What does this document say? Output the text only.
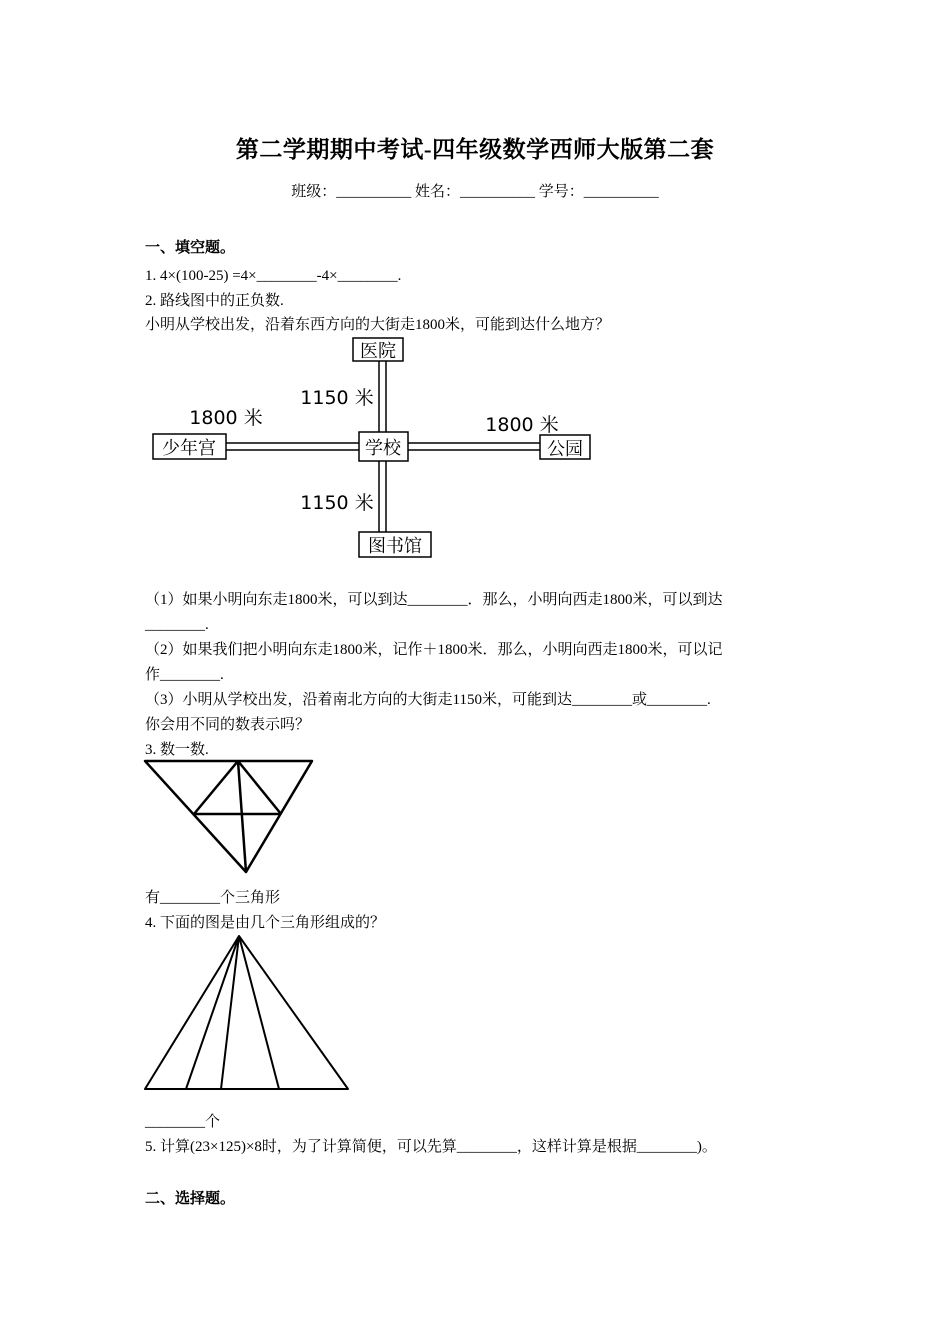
第二学期期中考试-四年级数学西师大版第二套
班级：__________ 姓名：__________ 学号：__________
一、填空题。
1. 4×(100-25) =4×________-4×________.
2. 路线图中的正负数.
小明从学校出发，沿着东西方向的大街走1800米，可能到达什么地方？
医院
学校
少年宫	公园
图书馆
1150 米
1800 米	1800 米
1150 米
（1）如果小明向东走1800米，可以到达________．那么，小明向西走1800米，可以到达
________.
（2）如果我们把小明向东走1800米，记作＋1800米．那么，小明向西走1800米，可以记
作________.
（3）小明从学校出发，沿着南北方向的大街走1150米，可能到达________或________.
你会用不同的数表示吗？
3. 数一数.
有________个三角形
4. 下面的图是由几个三角形组成的？
________个
5. 计算(23×125)×8时，为了计算简便，可以先算________，这样计算是根据________)。
二、选择题。
